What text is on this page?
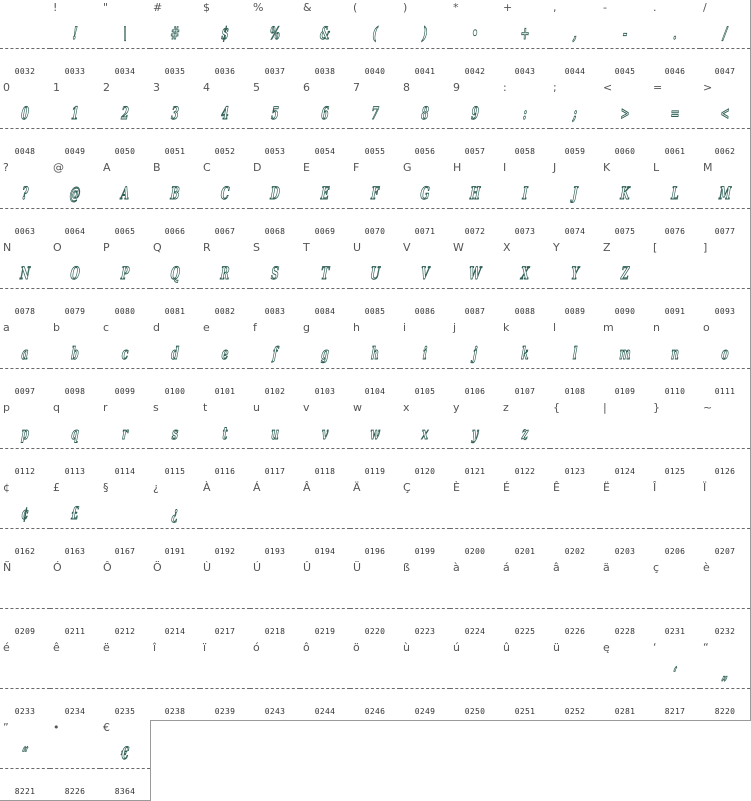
0032
!
!
0033
"
\
0034
#
#
0035
$
$
0036
%
%
0037
&
&
0038
(
(
0040
)
)
0041
*
•
0042
+
+
0043
,
,
0044
-
-
0045
.
.
0046
/
/
0047
0
0
0048
1
1
0049
2
2
0050
3
3
0051
4
4
0052
5
5
0053
6
6
0054
7
7
0055
8
8
0056
9
9
0057
:
:
0058
;
;
0059
<
>
0060
=
=
0061
>
<
0062
?
?
0063
@
@
0064
A
A
0065
B
B
0066
C
C
0067
D
D
0068
E
E
0069
F
F
0070
G
G
0071
H
H
0072
I
I
0073
J
J
0074
K
K
0075
L
L
0076
M
M
0077
N
N
0078
O
O
0079
P
P
0080
Q
Q
0081
R
R
0082
S
S
0083
T
T
0084
U
U
0085
V
V
0086
W
W
0087
X
X
0088
Y
Y
0089
Z
Z
0090
[
0091
]
0093
a
a
0097
b
b
0098
c
c
0099
d
d
0100
e
e
0101
f
f
0102
g
g
0103
h
h
0104
i
i
0105
j
j
0106
k
k
0107
l
l
0108
m
m
0109
n
n
0110
o
o
0111
p
p
0112
q
q
0113
r
r
0114
s
s
0115
t
t
0116
u
u
0117
v
v
0118
w
w
0119
x
x
0120
y
y
0121
z
z
0122
{
0123
|
0124
}
0125
~
0126
¢
¢
0162
£
£
0163
§
0167
¿
¿
0191
À
0192
Á
0193
Â
0194
Ä
0196
Ç
0199
È
0200
É
0201
Ê
0202
Ë
0203
Î
0206
Ï
0207
Ñ
0209
Ó
0211
Ô
0212
Ö
0214
Ù
0217
Ú
0218
Û
0219
Ü
0220
ß
0223
à
0224
á
0225
â
0226
ä
0228
ç
0231
è
0232
é
0233
ê
0234
ë
0235
î
0238
ï
0239
ó
0243
ô
0244
ö
0246
ù
0249
ú
0250
û
0251
ü
0252
ę
0281
‘
‘
8217
“
„
8220
”
“
8221
•
8226
€
€
8364
